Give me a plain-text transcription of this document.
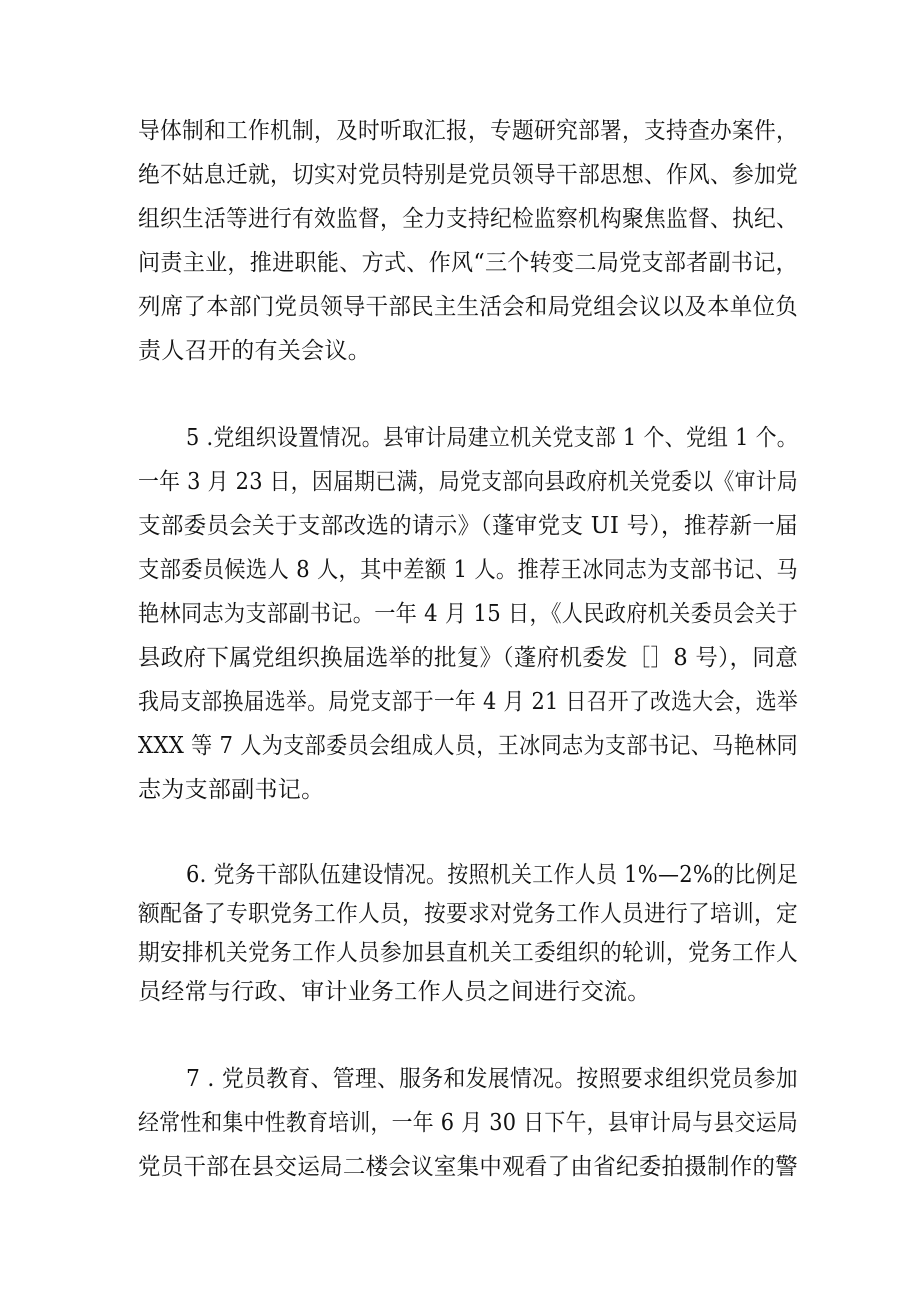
导体制和工作机制，及时听取汇报，专题研究部署，支持查办案件，
绝不姑息迁就，切实对党员特别是党员领导干部思想、作风、参加党
组织生活等进行有效监督，全力支持纪检监察机构聚焦监督、执纪、
问责主业，推进职能、方式、作风“三个转变二局党支部者副书记，
列席了本部门党员领导干部民主生活会和局党组会议以及本单位负
责人召开的有关会议。
5 .党组织设置情况。县审计局建立机关党支部 1 个、党组 1 个。
一年 3 月 23 日，因届期已满，局党支部向县政府机关党委以《审计局
支部委员会关于支部改选的请示》（蓬审党支 UI 号），推荐新一届
支部委员候选人 8 人，其中差额 1 人。推荐王冰同志为支部书记、马
艳林同志为支部副书记。一年 4 月 15 日，《人民政府机关委员会关于
县政府下属党组织换届选举的批复》（蓬府机委发［］8 号），同意
我局支部换届选举。局党支部于一年 4 月 21 日召开了改选大会，选举
XXX 等 7 人为支部委员会组成人员，王冰同志为支部书记、马艳林同
志为支部副书记。
6. 党务干部队伍建设情况。按照机关工作人员 1%—2%的比例足
额配备了专职党务工作人员，按要求对党务工作人员进行了培训，定
期安排机关党务工作人员参加县直机关工委组织的轮训，党务工作人
员经常与行政、审计业务工作人员之间进行交流。
7 . 党员教育、管理、服务和发展情况。按照要求组织党员参加
经常性和集中性教育培训，一年 6 月 30 日下午，县审计局与县交运局
党员干部在县交运局二楼会议室集中观看了由省纪委拍摄制作的警
